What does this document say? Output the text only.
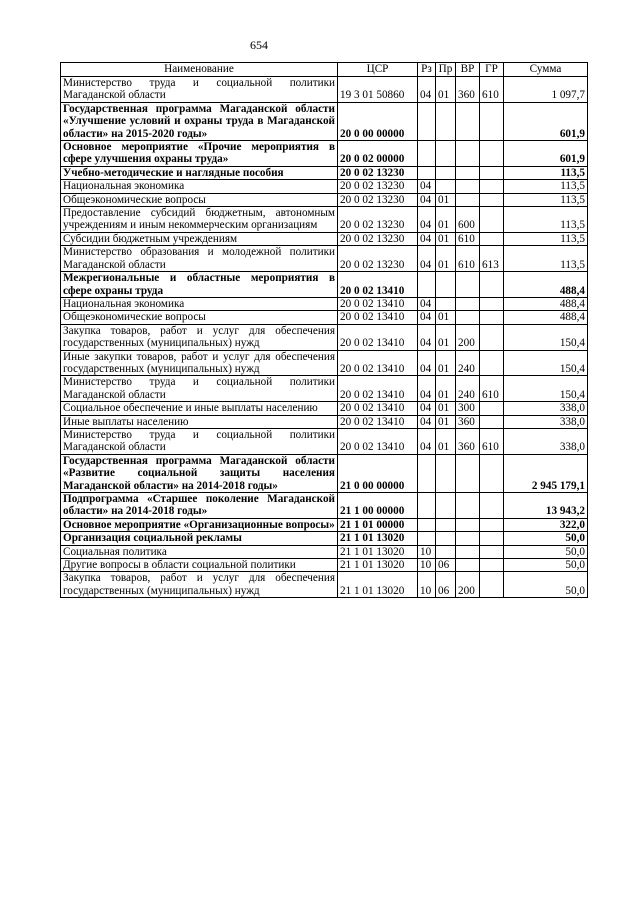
654
Наименование	ЦСР	Рз	Пр	ВР	ГР	Сумма
Министерство труда и социальной политики Магаданской области	19 3 01 50860	04	01	360	610	1 097,7
Государственная программа Магаданской области «Улучшение условий и охраны труда в Магаданской области» на 2015-2020 годы»	20 0 00 00000					601,9
Основное мероприятие «Прочие мероприятия в сфере улучшения охраны труда»	20 0 02 00000					601,9
Учебно-методические и наглядные пособия	20 0 02 13230					113,5
Национальная экономика	20 0 02 13230	04				113,5
Общеэкономические вопросы	20 0 02 13230	04	01			113,5
Предоставление субсидий бюджетным, автономным учреждениям и иным некоммерческим организациям	20 0 02 13230	04	01	600		113,5
Субсидии бюджетным учреждениям	20 0 02 13230	04	01	610		113,5
Министерство образования и молодежной политики Магаданской области	20 0 02 13230	04	01	610	613	113,5
Межрегиональные и областные мероприятия в сфере охраны труда	20 0 02 13410					488,4
Национальная экономика	20 0 02 13410	04				488,4
Общеэкономические вопросы	20 0 02 13410	04	01			488,4
Закупка товаров, работ и услуг для обеспечения государственных (муниципальных) нужд	20 0 02 13410	04	01	200		150,4
Иные закупки товаров, работ и услуг для обеспечения государственных (муниципальных) нужд	20 0 02 13410	04	01	240		150,4
Министерство труда и социальной политики Магаданской области	20 0 02 13410	04	01	240	610	150,4
Социальное обеспечение и иные выплаты населению	20 0 02 13410	04	01	300		338,0
Иные выплаты населению	20 0 02 13410	04	01	360		338,0
Министерство труда и социальной политики Магаданской области	20 0 02 13410	04	01	360	610	338,0
Государственная программа Магаданской области «Развитие социальной защиты населения Магаданской области» на 2014-2018 годы»	21 0 00 00000					2 945 179,1
Подпрограмма «Старшее поколение Магаданской области» на 2014-2018 годы»	21 1 00 00000					13 943,2
Основное мероприятие «Организационные вопросы»	21 1 01 00000					322,0
Организация социальной рекламы	21 1 01 13020					50,0
Социальная политика	21 1 01 13020	10				50,0
Другие вопросы в области социальной политики	21 1 01 13020	10	06			50,0
Закупка товаров, работ и услуг для обеспечения государственных (муниципальных) нужд	21 1 01 13020	10	06	200		50,0
